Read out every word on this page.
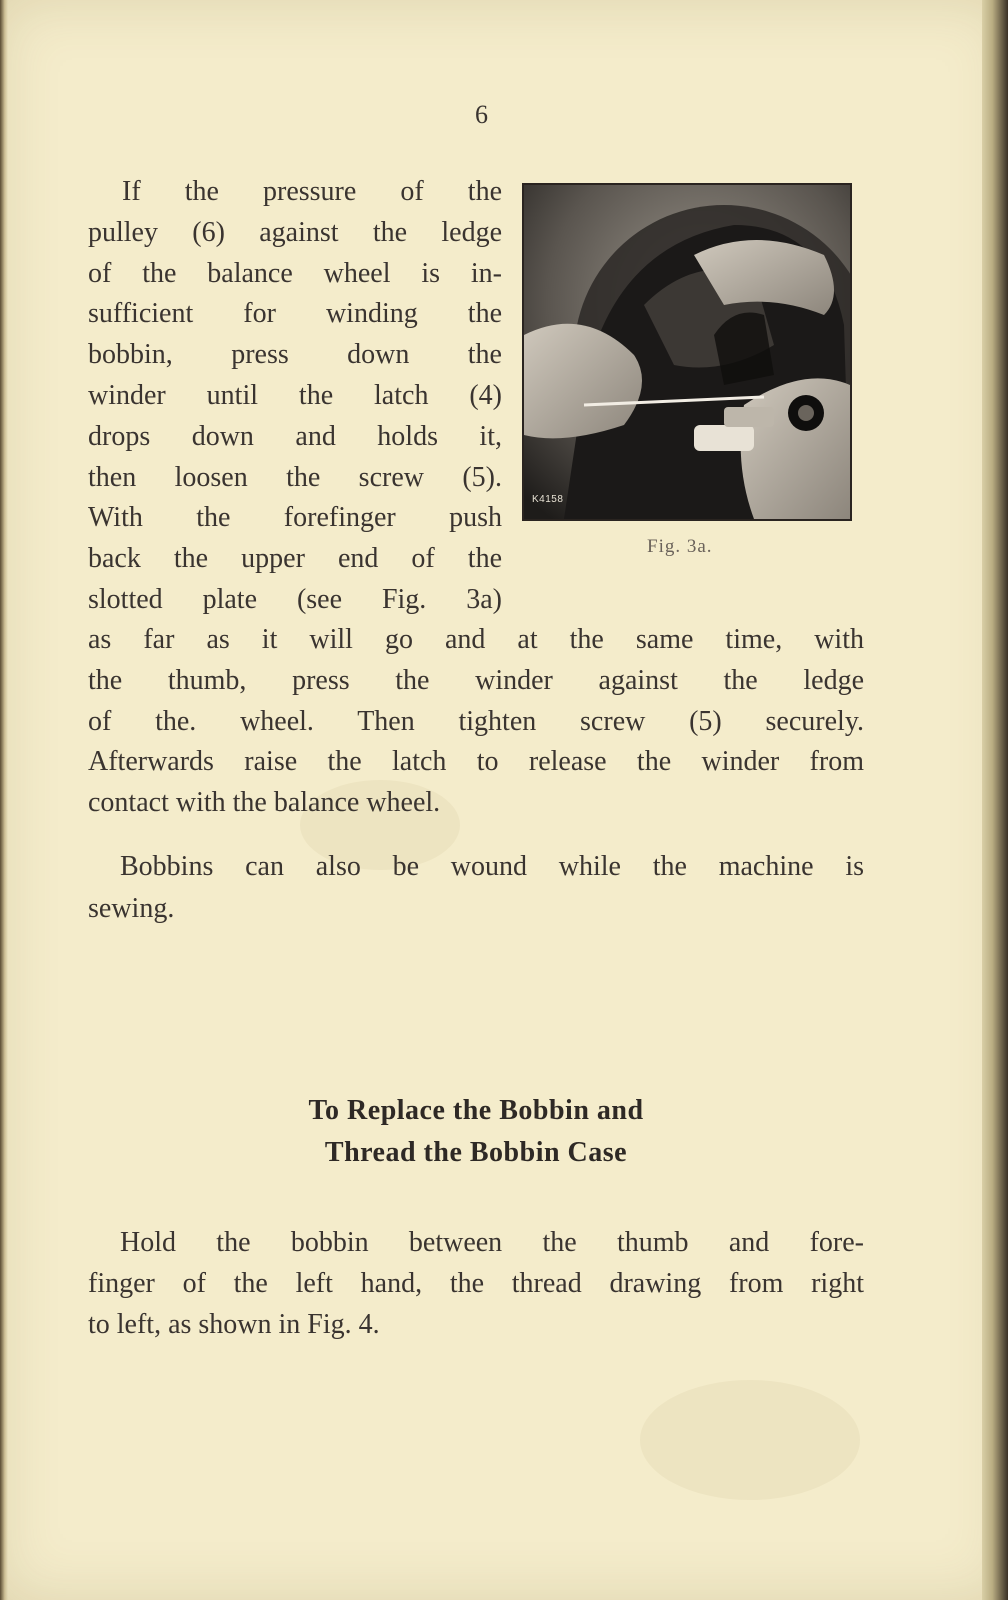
6
If the pressure of the
pulley (6) against the ledge
of the balance wheel is in-
sufficient for winding the
bobbin, press down the
winder until the latch (4)
drops down and holds it,
then loosen the screw (5).
With the forefinger push
back the upper end of the
slotted plate (see Fig. 3a)
as far as it will go and at the same time, with
the thumb, press the winder against the ledge
of the. wheel. Then tighten screw (5) securely.
Afterwards raise the latch to release the winder from
contact with the balance wheel.
K4158
Fig. 3a.
Bobbins can also be wound while the machine is
sewing.
To Replace the Bobbin and
Thread the Bobbin Case
Hold the bobbin between the thumb and fore-
finger of the left hand, the thread drawing from right
to left, as shown in Fig. 4.
